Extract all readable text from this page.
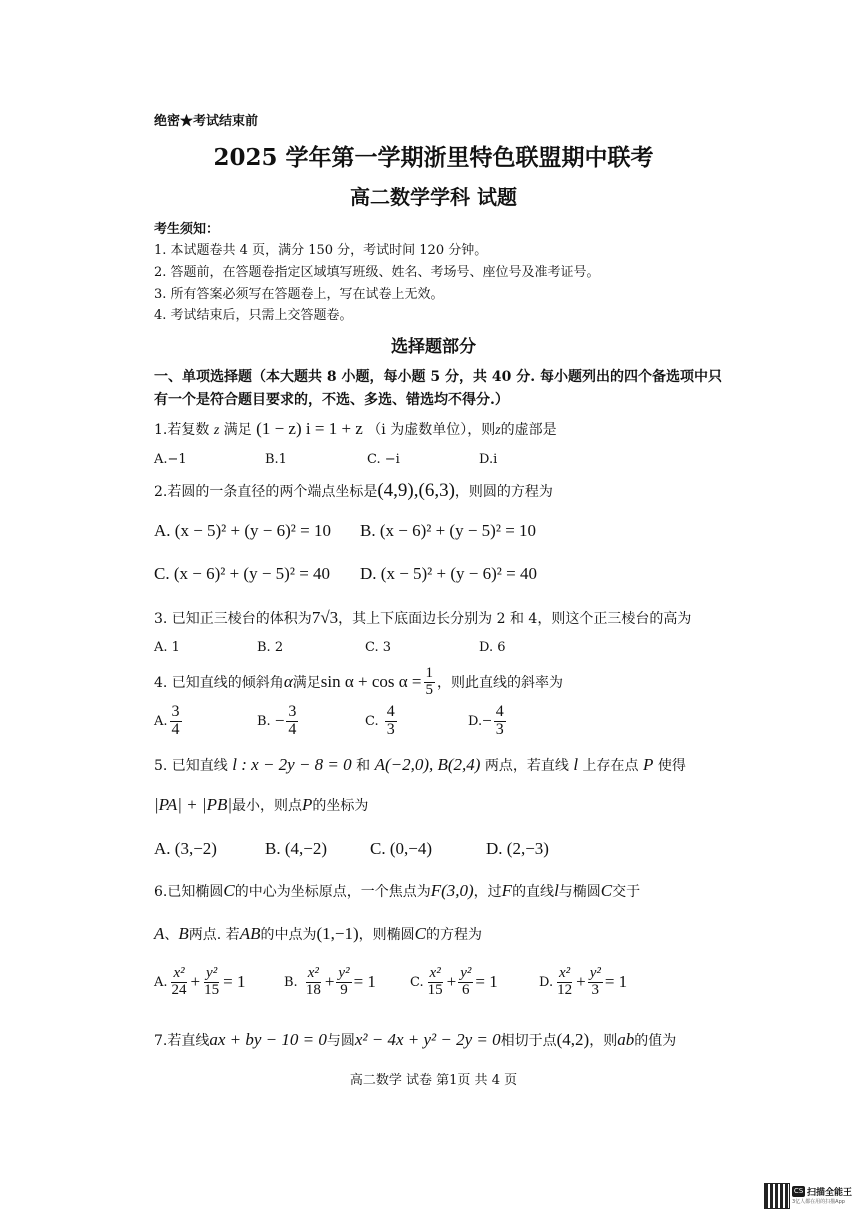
绝密★考试结束前
2025 学年第一学期浙里特色联盟期中联考
高二数学学科 试题
考生须知：
1. 本试题卷共 4 页，满分 150 分，考试时间 120 分钟。
2. 答题前，在答题卷指定区域填写班级、姓名、考场号、座位号及准考证号。
3. 所有答案必须写在答题卷上，写在试卷上无效。
4. 考试结束后，只需上交答题卷。
选择题部分
一、单项选择题（本大题共 8 小题，每小题 5 分，共 40 分. 每小题列出的四个备选项中只
有一个是符合题目要求的，不选、多选、错选均不得分.）
1.若复数 z 满足 (1 − z) i = 1 + z （i 为虚数单位），则z的虚部是
A.−1	B.1	C. −i	D.i
2.若圆的一条直径的两个端点坐标是(4,9),(6,3)，则圆的方程为
A. (x − 5)² + (y − 6)² = 10 B. (x − 6)² + (y − 5)² = 10
C. (x − 6)² + (y − 5)² = 40 D. (x − 5)² + (y − 6)² = 40
3. 已知正三棱台的体积为7√3，其上下底面边长分别为 2 和 4，则这个正三棱台的高为
A. 1	B. 2	C. 3	D. 6
4. 已知直线的倾斜角 α 满足 $\sin \alpha + \cos \alpha = \frac{1}{5}$ ，则此直线的斜率为
A. $\frac{3}{4}$	B.
− $\frac{3}{4}$	C.
$\frac{4}{3}$	D. − $\frac{4}{3}$
5. 已知直线 l : x − 2y − 8 = 0 和 A(−2,0), B(2,4) 两点，若直线 l 上存在点 P 使得
|PA| + |PB|最小，则点P的坐标为
A. (3,−2)	B. (4,−2)	C. (0,−4)	D. (2,−3)
6.已知椭圆C的中心为坐标原点，一个焦点为F(3,0)，过F的直线l与椭圆C交于
A、B两点. 若AB的中点为(1,−1)，则椭圆C的方程为
A. $\frac{\text{x²}}{24} + \frac{\text{y²}}{15} = 1$	B.
$\frac{\text{x²}}{18} + \frac{\text{y²}}{9} = 1$	C. $\frac{\text{x²}}{15} + \frac{\text{y²}}{6} = 1$	D. $\frac{\text{x²}}{12} + \frac{\text{y²}}{3} = 1$
7.若直线ax + by − 10 = 0与圆x² − 4x + y² − 2y = 0相切于点(4,2)，则ab的值为
高二数学 试卷 第1页 共 4 页
CS 扫描全能王
3亿人都在用的扫描App
